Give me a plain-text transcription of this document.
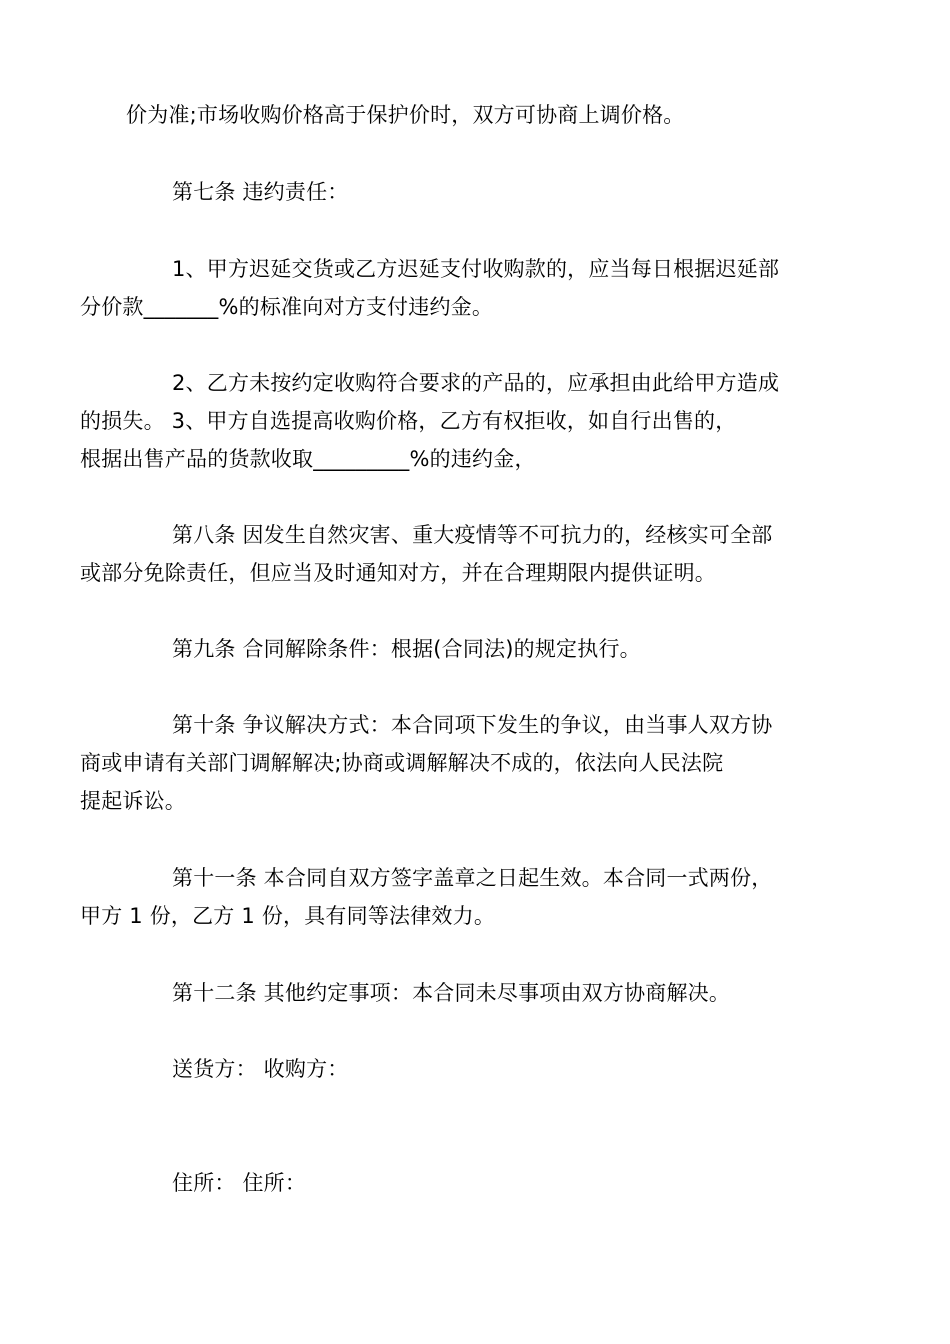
价为准;市场收购价格高于保护价时，双方可协商上调价格。

第七条 违约责任：

1、甲方迟延交货或乙方迟延支付收购款的，应当每日根据迟延部
分价款_______%的标准向对方支付违约金。

2、乙方未按约定收购符合要求的产品的，应承担由此给甲方造成
的损失。 3、甲方自选提高收购价格，乙方有权拒收，如自行出售的，
根据出售产品的货款收取_________%的违约金，

第八条 因发生自然灾害、重大疫情等不可抗力的，经核实可全部
或部分免除责任，但应当及时通知对方，并在合理期限内提供证明。

第九条 合同解除条件：根据(合同法)的规定执行。

第十条 争议解决方式：本合同项下发生的争议，由当事人双方协
商或申请有关部门调解解决;协商或调解解决不成的，依法向人民法院
提起诉讼。

第十一条 本合同自双方签字盖章之日起生效。本合同一式两份，
甲方 1 份，乙方 1 份，具有同等法律效力。

第十二条 其他约定事项：本合同未尽事项由双方协商解决。

送货方： 收购方：

住所： 住所：
